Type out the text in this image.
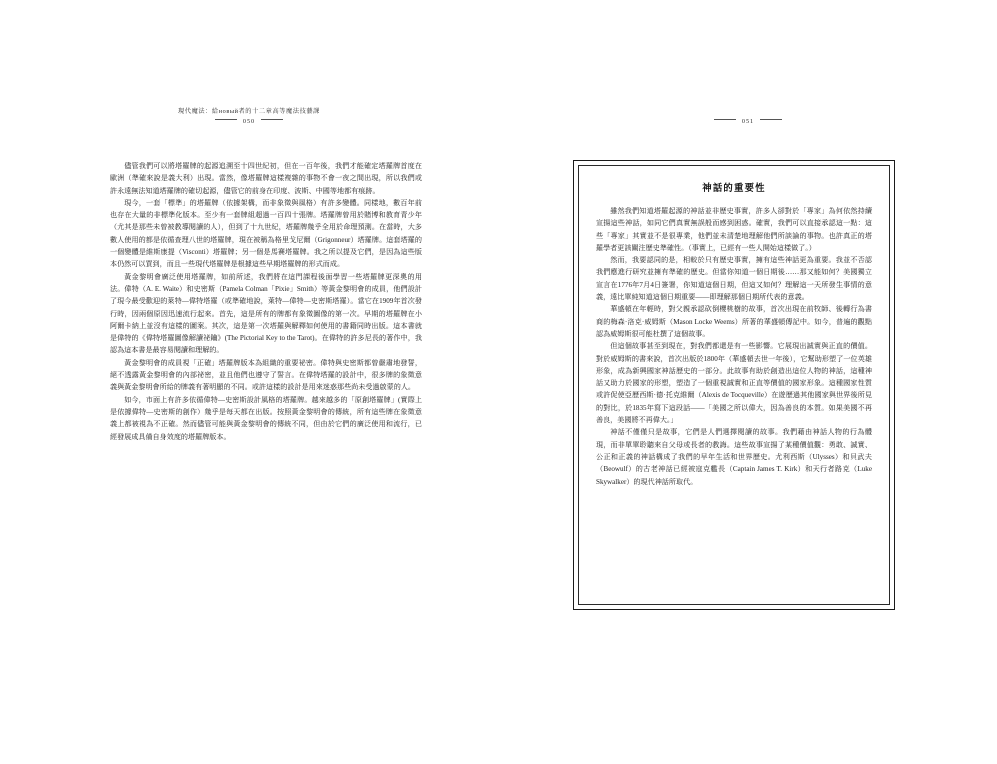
現代魔法：給новый者的十二章高等魔法技藝課
050

儘管我們可以將塔羅牌的起源追溯至十四世紀初，但在一百年後，我們才能確定塔羅牌首度在歐洲（準確來說是義大利）出現。當然，像塔羅牌這樣複雜的事物不會一夜之間出現，所以我們或許永遠無法知道塔羅牌的確切起源，儘管它的前身在印度、波斯、中國等地都有痕跡。

現今，一套「標準」的塔羅牌（依據架構，而非象徵與風格）有許多變體。同樣地，數百年前也存在大量的非標準化版本。至少有一套牌組超過一百四十張牌。塔羅牌曾用於賭博和教育青少年（尤其是那些未曾被教導閱讀的人），但到了十九世紀，塔羅牌幾乎全用於命理預測。在當時，大多數人使用的都是依循查理八世的塔羅牌，現在被稱為格里戈尼爾（Grigonneur）塔羅牌。這套塔羅的一個變體是維斯康提（Visconti）塔羅牌；另一個是馬賽塔羅牌。我之所以提及它們，是因為這些版本仍然可以買到，而且一些現代塔羅牌是根據這些早期塔羅牌的形式而成。

黃金黎明會廣泛使用塔羅牌，如前所述，我們將在這門課程後面學習一些塔羅牌更深奧的用法。偉特（A. E. Waite）和史密斯（Pamela Colman「Pixie」Smith）等黃金黎明會的成員，他們設計了現今最受歡迎的萊特—偉特塔羅（或準確地說，萊特—偉特—史密斯塔羅）。當它在1909年首次發行時，因兩個原因迅速流行起來。首先，這是所有的牌都有象徵圖像的第一次。早期的塔羅牌在小阿爾卡納上並沒有這樣的圖案。其次，這是第一次塔羅與解釋如何使用的書籍同時出版。這本書就是偉特的《偉特塔羅圖像解讀祕鑰》(The Pictorial Key to the Tarot)。在偉特的許多尼長的著作中，我認為這本書是最容易閱讀和理解的。

黃金黎明會的成員視「正確」塔羅牌版本為組織的重要祕密。偉特與史密斯都曾嚴肅地發誓，絕不透露黃金黎明會的內部祕密，並且他們也遵守了誓言。在偉特塔羅的設計中，很多牌的象徵意義與黃金黎明會所給的牌義有著明顯的不同。或許這樣的設計是用來迷惑那些尚未受過啟蒙的人。

如今，市面上有許多依循偉特—史密斯設計風格的塔羅牌。越來越多的「原創塔羅牌」(實際上是依據偉特—史密斯的創作）幾乎是每天都在出版。按照黃金黎明會的傳統，所有這些牌在象徵意義上都被視為不正確。然而儘管可能與黃金黎明會的傳統不同，但由於它們的廣泛使用和流行，已經發展成具備自身效度的塔羅牌版本。

051
神話的重要性

雖然我們知道塔羅起源的神話並非歷史事實，許多人卻對於「專家」為何依然持續宣揚這些神話，如同它們真實無誤般而感到困惑。確實，我們可以直接承認這一點：這些「專家」其實並不是很專業，他們並未清楚地理解他們所談論的事物。也許真正的塔羅學者更該關注歷史準確性。（事實上，已經有一些人開始這樣做了。）

然而，我要認同的是，相較於只有歷史事實，擁有這些神話更為重要。我並不否認我們應進行研究並擁有準確的歷史。但當你知道一個日期後……那又能如何？美國獨立宣言在1776年7月4日簽署，你知道這個日期，但這又如何？理解這一天所發生事情的意義，遠比單純知道這個日期重要——即理解那個日期所代表的意義。

華盛頓在年輕時，對父親承認砍倒櫻桃樹的故事，首次出現在前牧師、後轉行為書商的梅森·洛克·威姆斯（Mason Locke Weems）所著的華盛頓傳記中。如今，普遍的觀點認為威姆斯很可能杜撰了這個故事。

但這個故事甚至到現在，對我們都還是有一些影響。它展現出誠實與正直的價值。對於威姆斯的書來說，首次出版於1800年（華盛頓去世一年後），它幫助形塑了一位英雄形象，成為新興國家神話歷史的一部分。此故事有助於創造出這位人物的神話，這種神話又助力於國家的形塑，塑造了一個重視誠實和正直等價值的國家形象。這種國家性質或許促使亞歷西斯·德·托克維爾（Alexis de Tocqueville）在遊歷過其他國家與世界後所見的對比，於1835年寫下這段話——「美國之所以偉大，因為善良的本質。如果美國不再善良，美國將不再偉大。」

神話不僅僅只是故事，它們是人們選擇閱讀的故事。我們藉由神話人物的行為體現，而非單單聆聽來自父母或長者的教誨。這些故事宣揚了某種價值觀：勇敢、誠實、公正和正義的神話構成了我們的早年生活和世界歷史。尤利西斯（Ulysses）和貝武夫（Beowulf）的古老神話已經被寇克艦長（Captain James T. Kirk）和天行者路克（Luke Skywalker）的現代神話所取代。
